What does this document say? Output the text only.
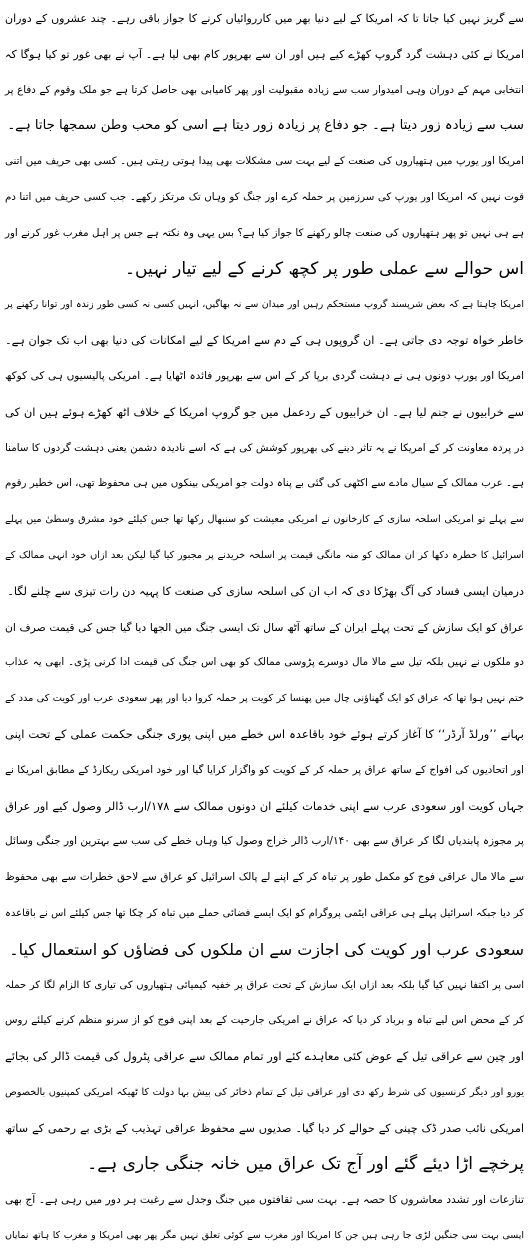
سے گریز نہیں کیا جاتا تا کہ امریکا کے لیے دنیا بھر میں کارروائیاں کرنے کا جواز باقی رہے۔ چند عشروں کے دوران
امریکا نے کئی دہشت گرد گروپ کھڑے کیے ہیں اور ان سے بھرپور کام بھی لیا ہے۔ آپ نے بھی غور تو کیا ہوگا کہ
انتخابی مہم کے دوران وہی امیدوار سب سے زیادہ مقبولیت اور پھر کامیابی بھی حاصل کرتا ہے جو ملک وقوم کے دفاع پر
سب سے زیادہ زور دیتا ہے۔ جو دفاع پر زیادہ زور دیتا ہے اسی کو محب وطن سمجھا جاتا ہے۔
امریکا اور یورپ میں ہتھیاروں کی صنعت کے لیے بہت سی مشکلات بھی پیدا ہوتی رہتی ہیں۔ کسی بھی حریف میں اتنی
قوت نہیں کہ امریکا اور یورپ کی سرزمین پر حملہ کرے اور جنگ کو وہاں تک مرتکز رکھے۔ جب کسی حریف میں اتنا دم
ہے ہی نہیں تو پھر ہتھیاروں کی صنعت چالو رکھنے کا جواز کیا ہے؟ بس یہی وہ نکتہ ہے جس پر اہل مغرب غور کرنے اور
اس حوالے سے عملی طور پر کچھ کرنے کے لیے تیار نہیں۔
امریکا چاہتا ہے کہ بعض شرپسند گروپ مستحکم رہیں اور میدان سے نہ بھاگیں، انہیں کسی نہ کسی طور زندہ اور توانا رکھنے پر
خاطر خواہ توجہ دی جاتی ہے۔ ان گروپوں ہی کے دم سے امریکا کے لیے امکانات کی دنیا بھی اب تک جوان ہے۔
امریکا اور یورپ دونوں ہی نے دہشت گردی برپا کر کے اس سے بھرپور فائدہ اٹھایا ہے۔ امریکی پالیسیوں ہی کی کوکھ
سے خرابیوں نے جنم لیا ہے۔ ان خرابیوں کے ردعمل میں جو گروپ امریکا کے خلاف اٹھ کھڑے ہوئے ہیں ان کی
در پردہ معاونت کر کے امریکا نے یہ تاثر دینے کی بھرپور کوشش کی ہے کہ اسے نادیدہ دشمن یعنی دہشت گردوں کا سامنا
ہے۔ عرب ممالک کے سیال مادے سے اکٹھی کی گئی بے پناہ دولت جو امریکی بینکوں میں ہی محفوظ تھی، اس خطیر رقوم
سے پہلے تو امریکی اسلحہ سازی کے کارخانوں نے امریکی معیشت کو سنبھال رکھا تھا جس کیلئے خود مشرق وسطیٰ میں پہلے
اسرائیل کا خطرہ دکھا کر ان ممالک کو منہ مانگی قیمت پر اسلحہ خریدنے پر مجبور کیا گیا لیکن بعد ازاں خود انہی ممالک کے
درمیان ایسی فساد کی آگ بھڑکا دی کہ اب ان کی اسلحہ سازی کی صنعت کا پہیہ دن رات تیزی سے چلنے لگا۔
عراق کو ایک سازش کے تحت پہلے ایران کے ساتھ آٹھ سال تک ایسی جنگ میں الجھا دیا گیا جس کی قیمت صرف ان
دو ملکوں نے نہیں بلکہ تیل سے مالا مال دوسرے پڑوسی ممالک کو بھی اس جنگ کی قیمت ادا کرنی پڑی۔ ابھی یہ عذاب
ختم نہیں ہوا تھا کہ عراق کو ایک گھناؤنی چال میں پھنسا کر کویت پر حملہ کروا دیا اور پھر سعودی عرب اور کویت کی مدد کے
بہانے ’’ورلڈ آرڈر‘‘ کا آغاز کرتے ہوئے خود باقاعدہ اس خطے میں اپنی پوری جنگی حکمت عملی کے تحت اپنی
اور اتحادیوں کی افواج کے ساتھ عراق پر حملہ کر کے کویت کو واگزار کرایا گیا اور خود امریکی ریکارڈ کے مطابق امریکا نے
جہاں کویت اور سعودی عرب سے اپنی خدمات کیلئے ان دونوں ممالک سے ۱۷۸/ارب ڈالر وصول کیے اور عراق
پر مجوزہ پابندیاں لگا کر عراق سے بھی ۱۴۰/ارب ڈالر خراج وصول کیا وہاں خطے کی سب سے بہترین اور جنگی وسائل
سے مالا مال عراقی فوج کو مکمل طور پر تباہ کر کے اپنے لے پالک اسرائیل کو عراق سے لاحق خطرات سے بھی محفوظ
کر دیا جبکہ اسرائیل پہلے ہی عراقی ایٹمی پروگرام کو ایک ایسے فضائی حملے میں تباہ کر چکا تھا جس کیلئے اس نے باقاعدہ
سعودی عرب اور کویت کی اجازت سے ان ملکوں کی فضاؤں کو استعمال کیا۔
اسی پر اکتفا نہیں کیا گیا بلکہ بعد ازاں ایک سازش کے تحت عراق پر خفیہ کیمیائی ہتھیاروں کی تیاری کا الزام لگا کر حملہ
کر کے محض اس لیے تباہ و برباد کر دیا کہ عراق نے امریکی جارحیت کے بعد اپنی فوج کو از سرنو منظم کرنے کیلئے روس
اور چین سے عراقی تیل کے عوض کئی معاہدے کئے اور تمام ممالک سے عراقی پٹرول کی قیمت ڈالر کی بجائے
یورو اور دیگر کرنسیوں کی شرط رکھ دی اور عراقی تیل کے تمام ذخائر کی بیش بہا دولت کا ٹھیکہ امریکی کمپنیوں بالخصوص
امریکی نائب صدر ڈک چینی کے حوالے کر دیا گیا۔ صدیوں سے محفوظ عراقی تہذیب کے بڑی بے رحمی کے ساتھ
پرخچے اڑا دیئے گئے اور آج تک عراق میں خانہ جنگی جاری ہے۔
تنازعات اور تشدد معاشروں کا حصہ ہے۔ بہت سی ثقافتوں میں جنگ وجدل سے رغبت ہر دور میں رہی ہے۔ آج بھی
ایسی بہت سی جنگیں لڑی جا رہی ہیں جن کا امریکا اور مغرب سے کوئی تعلق نہیں مگر پھر بھی امریکا و مغرب کا ہاتھ نمایاں
